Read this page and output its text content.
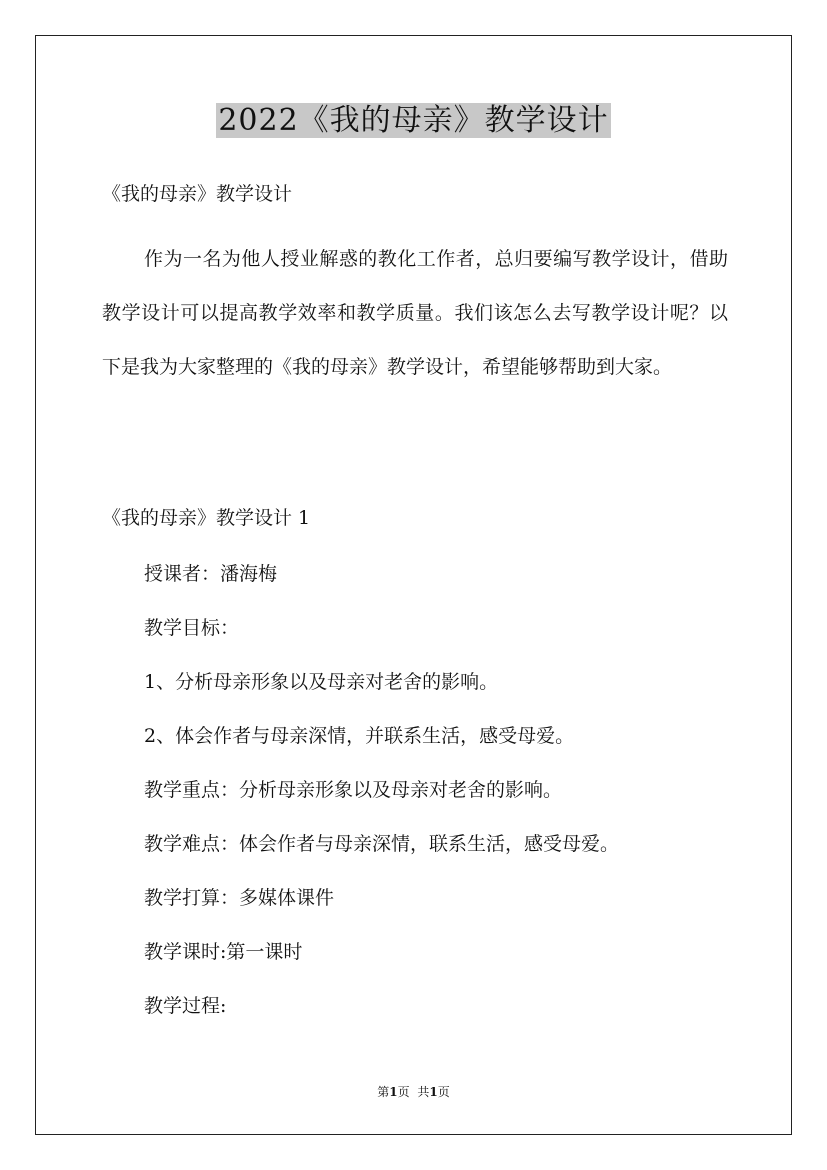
2022《我的母亲》教学设计
《我的母亲》教学设计
作为一名为他人授业解惑的教化工作者，总归要编写教学设计，借助教学设计可以提高教学效率和教学质量。我们该怎么去写教学设计呢？以下是我为大家整理的《我的母亲》教学设计，希望能够帮助到大家。
《我的母亲》教学设计 1
授课者：潘海梅
教学目标：
1、分析母亲形象以及母亲对老舍的影响。
2、体会作者与母亲深情，并联系生活，感受母爱。
教学重点：分析母亲形象以及母亲对老舍的影响。
教学难点：体会作者与母亲深情，联系生活，感受母爱。
教学打算：多媒体课件
教学课时:第一课时
教学过程:
第1页 共1页
